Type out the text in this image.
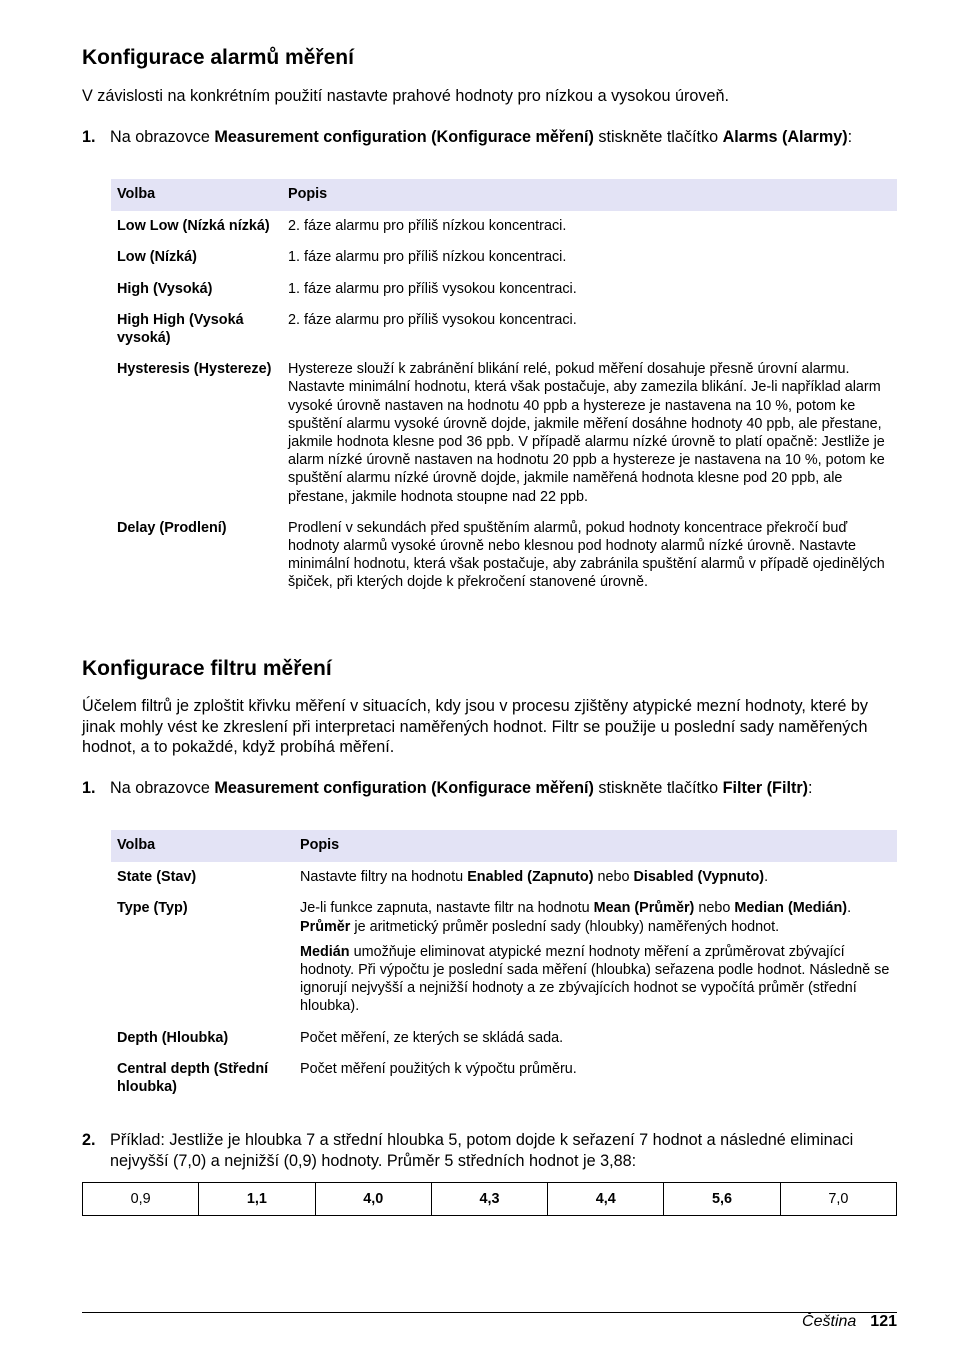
Konfigurace alarmů měření

V závislosti na konkrétním použití nastavte prahové hodnoty pro nízkou a vysokou úroveň.

1. Na obrazovce Measurement configuration (Konfigurace měření) stiskněte tlačítko Alarms (Alarmy):
Volba	Popis
Low Low (Nízká nízká)	2. fáze alarmu pro příliš nízkou koncentraci.
Low (Nízká)	1. fáze alarmu pro příliš nízkou koncentraci.
High (Vysoká)	1. fáze alarmu pro příliš vysokou koncentraci.
High High (Vysoká vysoká)	2. fáze alarmu pro příliš vysokou koncentraci.
Hysteresis (Hystereze)	Hystereze slouží k zabránění blikání relé, pokud měření dosahuje přesně úrovní alarmu. Nastavte minimální hodnotu, která však postačuje, aby zamezila blikání. Je-li například alarm vysoké úrovně nastaven na hodnotu 40 ppb a hystereze je nastavena na 10 %, potom ke spuštění alarmu vysoké úrovně dojde, jakmile měření dosáhne hodnoty 40 ppb, ale přestane, jakmile hodnota klesne pod 36 ppb. V případě alarmu nízké úrovně to platí opačně: Jestliže je alarm nízké úrovně nastaven na hodnotu 20 ppb a hystereze je nastavena na 10 %, potom ke spuštění alarmu nízké úrovně dojde, jakmile naměřená hodnota klesne pod 20 ppb, ale přestane, jakmile hodnota stoupne nad 22 ppb.
Delay (Prodlení)	Prodlení v sekundách před spuštěním alarmů, pokud hodnoty koncentrace překročí buď hodnoty alarmů vysoké úrovně nebo klesnou pod hodnoty alarmů nízké úrovně. Nastavte minimální hodnotu, která však postačuje, aby zabránila spuštění alarmů v případě ojedinělých špiček, při kterých dojde k překročení stanovené úrovně.
Konfigurace filtru měření

Účelem filtrů je zploštit křivku měření v situacích, kdy jsou v procesu zjištěny atypické mezní hodnoty, které by jinak mohly vést ke zkreslení při interpretaci naměřených hodnot. Filtr se použije u poslední sady naměřených hodnot, a to pokaždé, když probíhá měření.

1. Na obrazovce Measurement configuration (Konfigurace měření) stiskněte tlačítko Filter (Filtr):
Volba	Popis
State (Stav)	Nastavte filtry na hodnotu Enabled (Zapnuto) nebo Disabled (Vypnuto).
Type (Typ)	Je-li funkce zapnuta, nastavte filtr na hodnotu Mean (Průměr) nebo Median (Medián).
Průměr je aritmetický průměr poslední sady (hloubky) naměřených hodnot.
Medián umožňuje eliminovat atypické mezní hodnoty měření a zprůměrovat zbývající hodnoty. Při výpočtu je poslední sada měření (hloubka) seřazena podle hodnot. Následně se ignorují nejvyšší a nejnižší hodnoty a ze zbývajících hodnot se vypočítá průměr (střední hloubka).
Depth (Hloubka)	Počet měření, ze kterých se skládá sada.
Central depth (Střední hloubka)	Počet měření použitých k výpočtu průměru.
2. Příklad: Jestliže je hloubka 7 a střední hloubka 5, potom dojde k seřazení 7 hodnot a následné eliminaci nejvyšší (7,0) a nejnižší (0,9) hodnoty. Průměr 5 středních hodnot je 3,88:
0,9	1,1	4,0	4,3	4,4	5,6	7,0
Čeština 121
